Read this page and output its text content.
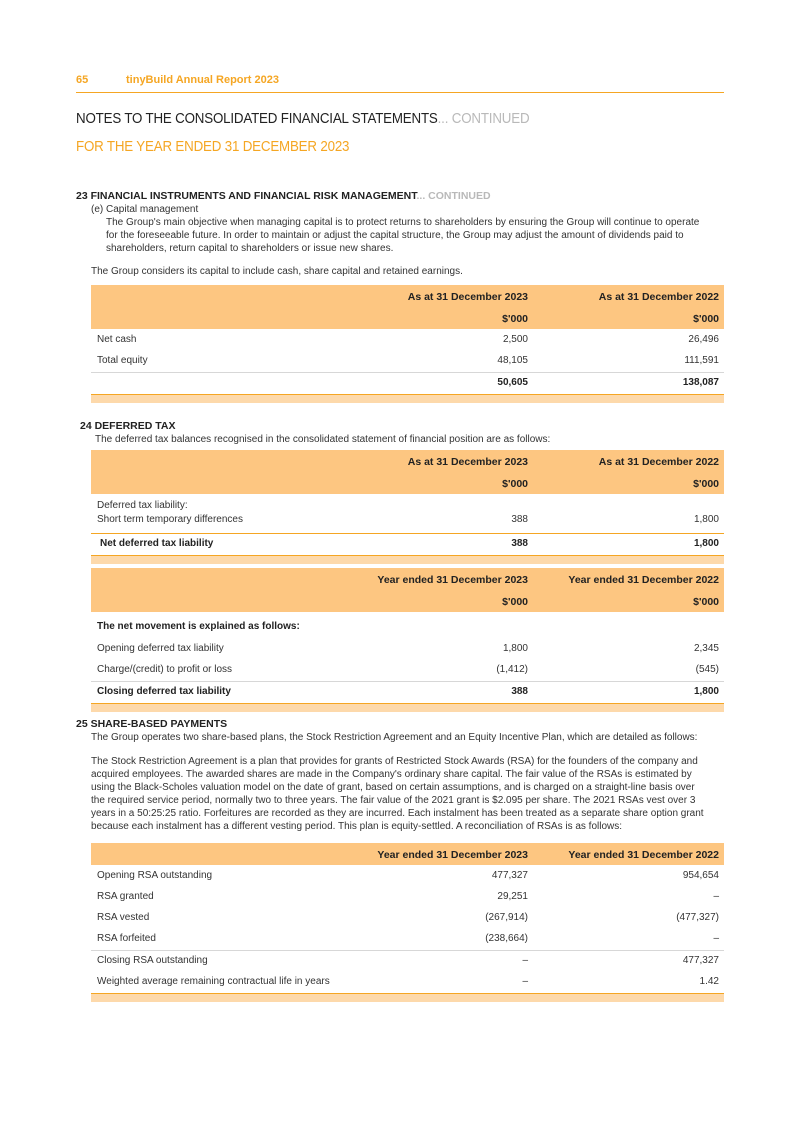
65	tinyBuild Annual Report 2023
NOTES TO THE CONSOLIDATED FINANCIAL STATEMENTS... CONTINUED
FOR THE YEAR ENDED 31 DECEMBER 2023
23 FINANCIAL INSTRUMENTS AND FINANCIAL RISK MANAGEMENT... CONTINUED
(e) Capital management
The Group's main objective when managing capital is to protect returns to shareholders by ensuring the Group will continue to operate
for the foreseeable future. In order to maintain or adjust the capital structure, the Group may adjust the amount of dividends paid to
shareholders, return capital to shareholders or issue new shares.
The Group considers its capital to include cash, share capital and retained earnings.
As at 31 December 2023	As at 31 December 2022
$'000	$'000
Net cash	2,500	26,496
Total equity	48,105	111,591
50,605	138,087
24 DEFERRED TAX
The deferred tax balances recognised in the consolidated statement of financial position are as follows:
As at 31 December 2023	As at 31 December 2022
$'000	$'000
Deferred tax liability:
Short term temporary differences	388	1,800
Net deferred tax liability	388	1,800
Year ended 31 December 2023	Year ended 31 December 2022
$'000	$'000
The net movement is explained as follows:
Opening deferred tax liability	1,800	2,345
Charge/(credit) to profit or loss	(1,412)	(545)
Closing deferred tax liability	388	1,800
25 SHARE-BASED PAYMENTS
The Group operates two share-based plans, the Stock Restriction Agreement and an Equity Incentive Plan, which are detailed as follows:
The Stock Restriction Agreement is a plan that provides for grants of Restricted Stock Awards (RSA) for the founders of the company and
acquired employees. The awarded shares are made in the Company's ordinary share capital. The fair value of the RSAs is estimated by
using the Black-Scholes valuation model on the date of grant, based on certain assumptions, and is charged on a straight-line basis over
the required service period, normally two to three years. The fair value of the 2021 grant is $2.095 per share. The 2021 RSAs vest over 3
years in a 50:25:25 ratio. Forfeitures are recorded as they are incurred. Each instalment has been treated as a separate share option grant
because each instalment has a different vesting period. This plan is equity-settled. A reconciliation of RSAs is as follows:
Year ended 31 December 2023	Year ended 31 December 2022
Opening RSA outstanding	477,327	954,654
RSA granted	29,251	–
RSA vested	(267,914)	(477,327)
RSA forfeited	(238,664)	–
Closing RSA outstanding	–	477,327
Weighted average remaining contractual life in years	–	1.42
